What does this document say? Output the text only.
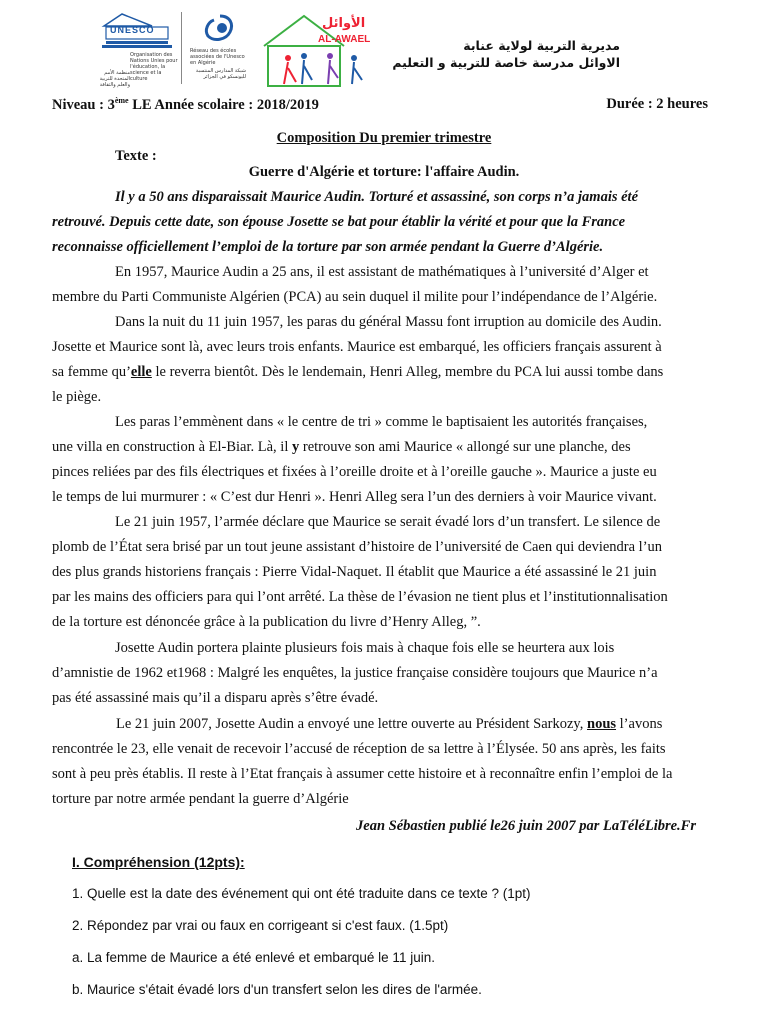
UNESCO
Organisation des Nations Unies pour l'éducation, la science et la culture
منظمة الأمم المتحدة للتربية والعلم والثقافة
Réseau des écoles associées de l'Unesco en Algérie
شبكة المدارس المنتسبة لليونسكو في الجزائر
الأوائل
AL-AWAEL	مديرية التربية لولاية عنابة
الاوائل مدرسة خاصة للتربية و التعليم
Niveau : 3ème LE Année scolaire : 2018/2019	Durée : 2 heures
Composition Du premier trimestre
Texte :
Guerre d'Algérie et torture: l'affaire Audin.
Il y a 50 ans disparaissait Maurice Audin. Torturé et assassiné, son corps n’a jamais été
retrouvé. Depuis cette date, son épouse Josette se bat pour établir la vérité et pour que la France
reconnaisse officiellement l’emploi de la torture par son armée pendant la Guerre d’Algérie.
En 1957, Maurice Audin a 25 ans, il est assistant de mathématiques à l’université d’Alger et
membre du Parti Communiste Algérien (PCA) au sein duquel il milite pour l’indépendance de l’Algérie.
Dans la nuit du 11 juin 1957, les paras du général Massu font irruption au domicile des Audin.
Josette et Maurice sont là, avec leurs trois enfants. Maurice est embarqué, les officiers français assurent à
sa femme qu’elle le reverra bientôt. Dès le lendemain, Henri Alleg, membre du PCA lui aussi tombe dans
le piège.
Les paras l’emmènent dans « le centre de tri » comme le baptisaient les autorités françaises,
une villa en construction à El-Biar. Là, il y retrouve son ami Maurice « allongé sur une planche, des
pinces reliées par des fils électriques et fixées à l’oreille droite et à l’oreille gauche ». Maurice a juste eu
le temps de lui murmurer : « C’est dur Henri ». Henri Alleg sera l’un des derniers à voir Maurice vivant.
Le 21 juin 1957, l’armée déclare que Maurice se serait évadé lors d’un transfert. Le silence de
plomb de l’État sera brisé par un tout jeune assistant d’histoire de l’université de Caen qui deviendra l’un
des plus grands historiens français : Pierre Vidal-Naquet. Il établit que Maurice a été assassiné le 21 juin
par les mains des officiers para qui l’ont arrêté. La thèse de l’évasion ne tient plus et l’institutionnalisation
de la torture est dénoncée grâce à la publication du livre d’Henry Alleg, ”.
Josette Audin portera plainte plusieurs fois mais à chaque fois elle se heurtera aux lois
d’amnistie de 1962 et1968 : Malgré les enquêtes, la justice française considère toujours que Maurice n’a
pas été assassiné mais qu’il a disparu après s’être évadé.
Le 21 juin 2007, Josette Audin a envoyé une lettre ouverte au Président Sarkozy, nous l’avons
rencontrée le 23, elle venait de recevoir l’accusé de réception de sa lettre à l’Élysée. 50 ans après, les faits
sont à peu près établis. Il reste à l’Etat français à assumer cette histoire et à reconnaître enfin l’emploi de la
torture par notre armée pendant la guerre d’Algérie
Jean Sébastien publié le26 juin 2007 par LaTéléLibre.Fr
I. Compréhension (12pts):
1. Quelle est la date des événement qui ont été traduite dans ce texte ? (1pt)
2. Répondez par vrai ou faux en corrigeant si c'est faux. (1.5pt)
a. La femme de Maurice a été enlevé et embarqué le 11 juin.
b. Maurice s'était évadé lors d'un transfert selon les dires de l'armée.
